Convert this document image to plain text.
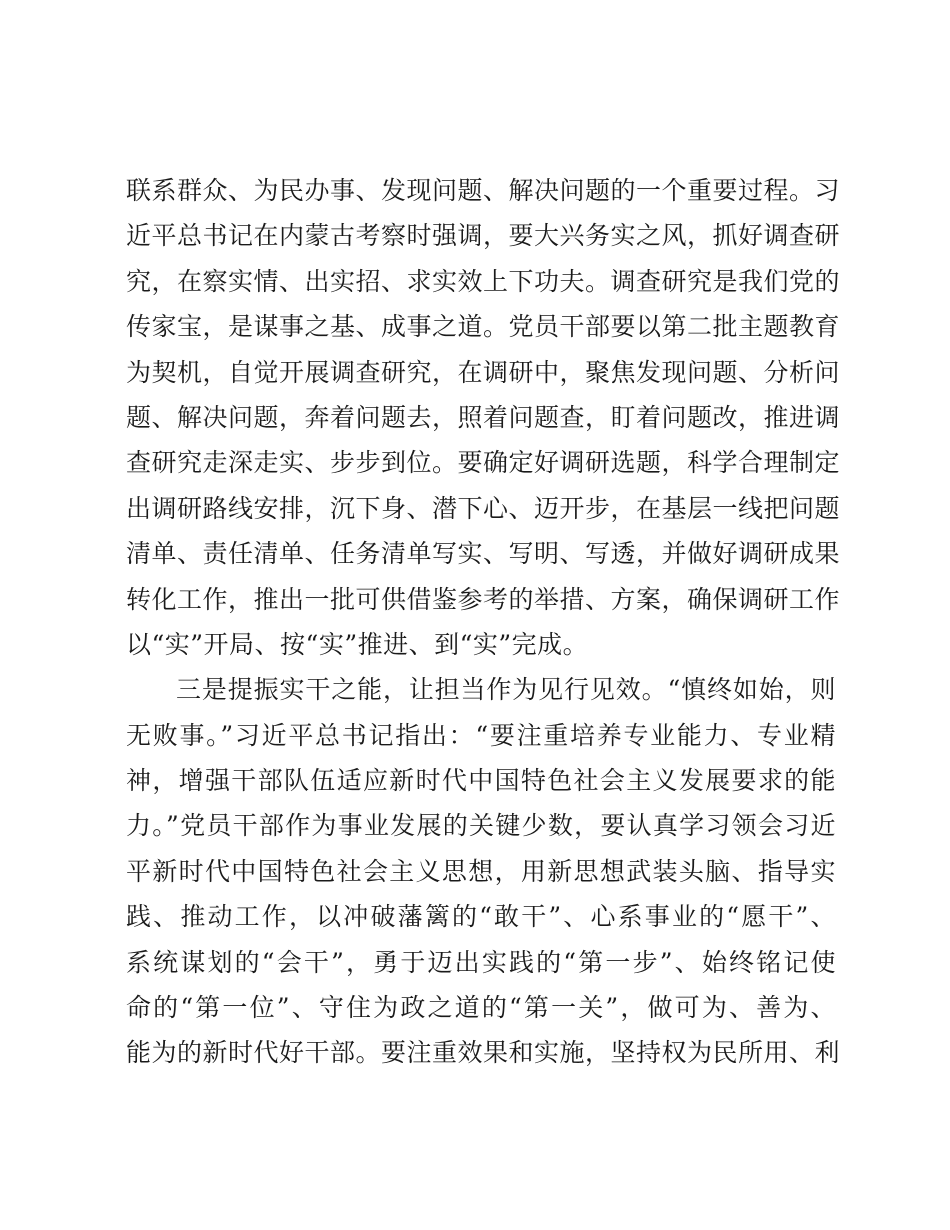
联系群众、为民办事、发现问题、解决问题的一个重要过程。习
近平总书记在内蒙古考察时强调，要大兴务实之风，抓好调查研
究，在察实情、出实招、求实效上下功夫。调查研究是我们党的
传家宝，是谋事之基、成事之道。党员干部要以第二批主题教育
为契机，自觉开展调查研究，在调研中，聚焦发现问题、分析问
题、解决问题，奔着问题去，照着问题查，盯着问题改，推进调
查研究走深走实、步步到位。要确定好调研选题，科学合理制定
出调研路线安排，沉下身、潜下心、迈开步，在基层一线把问题
清单、责任清单、任务清单写实、写明、写透，并做好调研成果
转化工作，推出一批可供借鉴参考的举措、方案，确保调研工作
以“实”开局、按“实”推进、到“实”完成。
三是提振实干之能，让担当作为见行见效。“慎终如始，则
无败事。”习近平总书记指出：“要注重培养专业能力、专业精
神，增强干部队伍适应新时代中国特色社会主义发展要求的能
力。”党员干部作为事业发展的关键少数，要认真学习领会习近
平新时代中国特色社会主义思想，用新思想武装头脑、指导实
践、推动工作，以冲破藩篱的“敢干”、心系事业的“愿干”、
系统谋划的“会干”，勇于迈出实践的“第一步”、始终铭记使
命的“第一位”、守住为政之道的“第一关”，做可为、善为、
能为的新时代好干部。要注重效果和实施，坚持权为民所用、利
